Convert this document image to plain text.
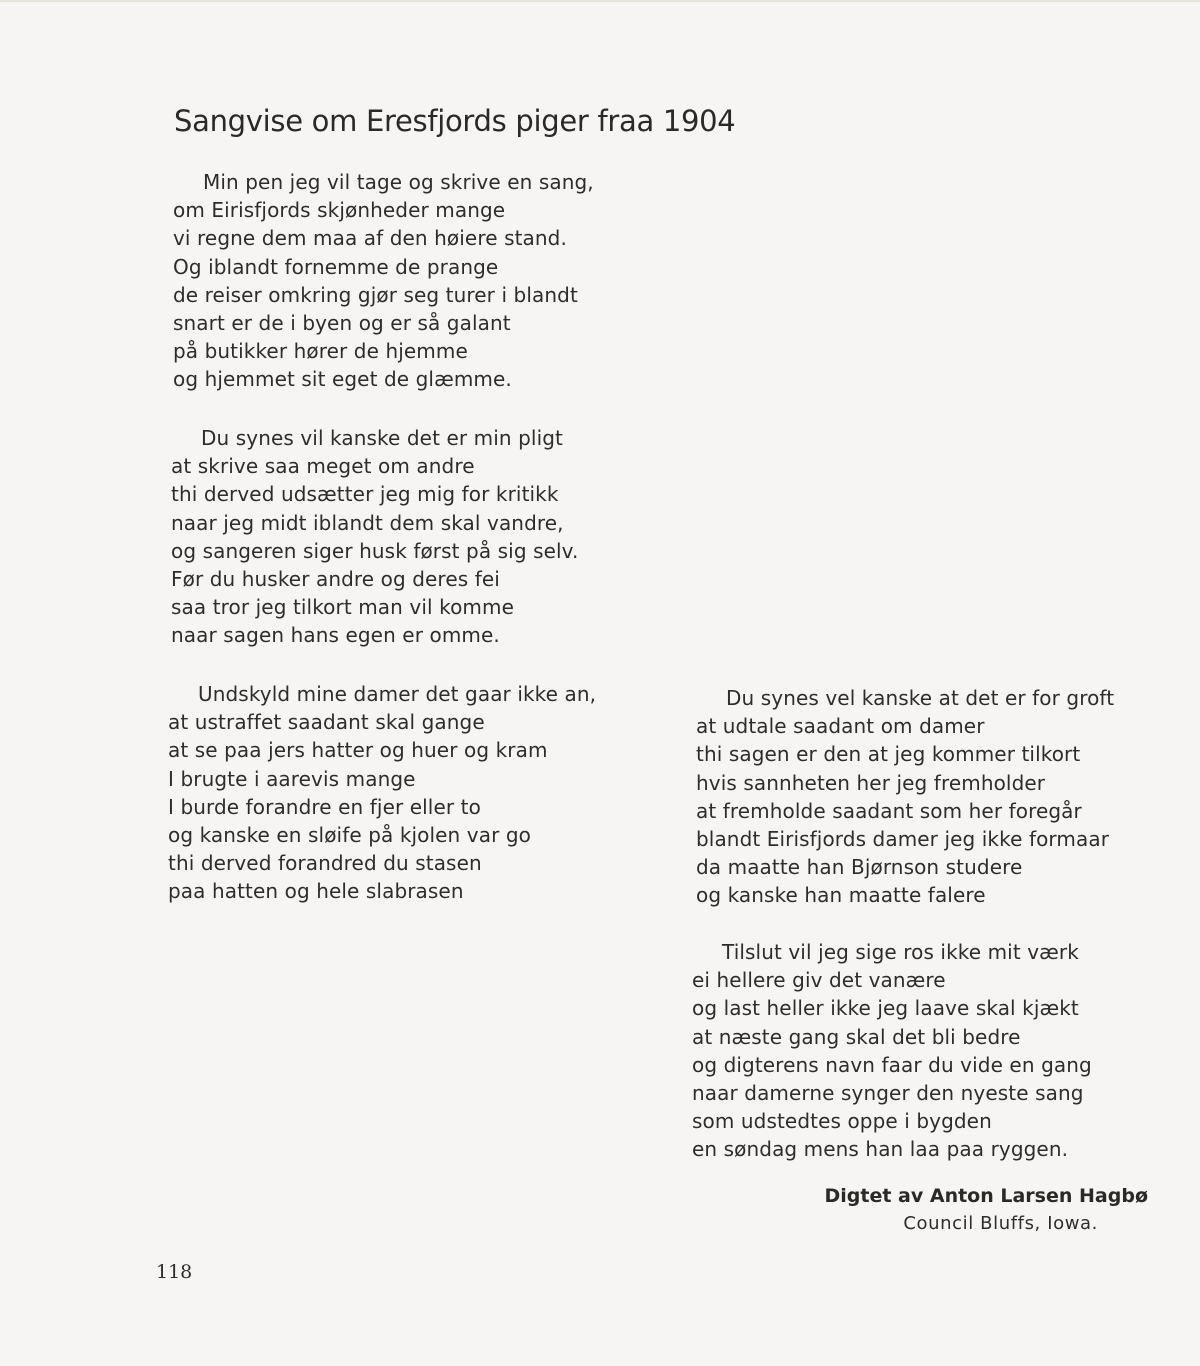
Sangvise om Eresfjords piger fraa 1904
Min pen jeg vil tage og skrive en sang,
om Eirisfjords skjønheder mange
vi regne dem maa af den høiere stand.
Og iblandt fornemme de prange
de reiser omkring gjør seg turer i blandt
snart er de i byen og er så galant
på butikker hører de hjemme
og hjemmet sit eget de glæmme.
Du synes vil kanske det er min pligt
at skrive saa meget om andre
thi derved udsætter jeg mig for kritikk
naar jeg midt iblandt dem skal vandre,
og sangeren siger husk først på sig selv.
Før du husker andre og deres fei
saa tror jeg tilkort man vil komme
naar sagen hans egen er omme.
Undskyld mine damer det gaar ikke an,
at ustraffet saadant skal gange
at se paa jers hatter og huer og kram
I brugte i aarevis mange
I burde forandre en fjer eller to
og kanske en sløife på kjolen var go
thi derved forandred du stasen
paa hatten og hele slabrasen
Du synes vel kanske at det er for groft
at udtale saadant om damer
thi sagen er den at jeg kommer tilkort
hvis sannheten her jeg fremholder
at fremholde saadant som her foregår
blandt Eirisfjords damer jeg ikke formaar
da maatte han Bjørnson studere
og kanske han maatte falere
Tilslut vil jeg sige ros ikke mit værk
ei hellere giv det vanære
og last heller ikke jeg laave skal kjækt
at næste gang skal det bli bedre
og digterens navn faar du vide en gang
naar damerne synger den nyeste sang
som udstedtes oppe i bygden
en søndag mens han laa paa ryggen.
Digtet av Anton Larsen Hagbø
Council Bluffs, Iowa.
118
